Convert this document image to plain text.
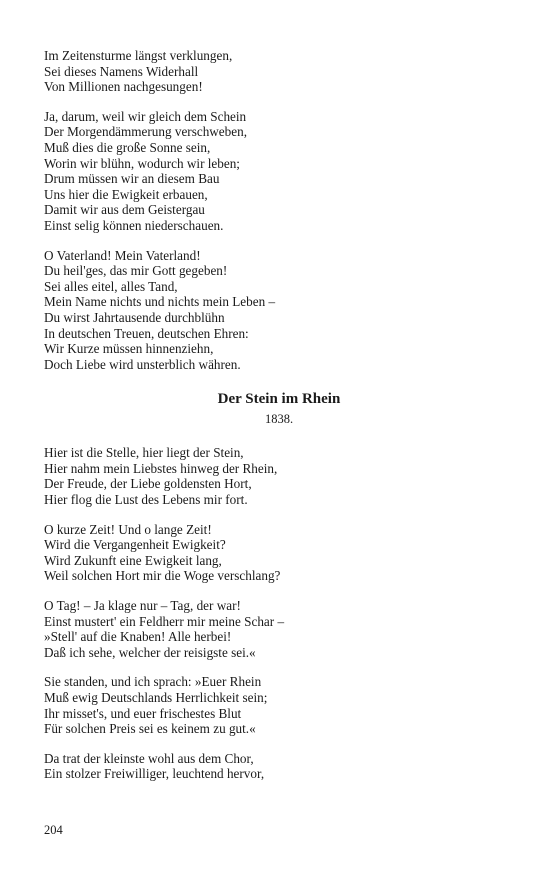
Im Zeitensturme längst verklungen,
Sei dieses Namens Widerhall
Von Millionen nachgesungen!
Ja, darum, weil wir gleich dem Schein
Der Morgendämmerung verschweben,
Muß dies die große Sonne sein,
Worin wir blühn, wodurch wir leben;
Drum müssen wir an diesem Bau
Uns hier die Ewigkeit erbauen,
Damit wir aus dem Geistergau
Einst selig können niederschauen.
O Vaterland! Mein Vaterland!
Du heil'ges, das mir Gott gegeben!
Sei alles eitel, alles Tand,
Mein Name nichts und nichts mein Leben –
Du wirst Jahrtausende durchblühn
In deutschen Treuen, deutschen Ehren:
Wir Kurze müssen hinnenziehn,
Doch Liebe wird unsterblich währen.
Der Stein im Rhein
1838.
Hier ist die Stelle, hier liegt der Stein,
Hier nahm mein Liebstes hinweg der Rhein,
Der Freude, der Liebe goldensten Hort,
Hier flog die Lust des Lebens mir fort.
O kurze Zeit! Und o lange Zeit!
Wird die Vergangenheit Ewigkeit?
Wird Zukunft eine Ewigkeit lang,
Weil solchen Hort mir die Woge verschlang?
O Tag! – Ja klage nur – Tag, der war!
Einst mustert' ein Feldherr mir meine Schar –
»Stell' auf die Knaben! Alle herbei!
Daß ich sehe, welcher der reisigste sei.«
Sie standen, und ich sprach: »Euer Rhein
Muß ewig Deutschlands Herrlichkeit sein;
Ihr misset's, und euer frischestes Blut
Für solchen Preis sei es keinem zu gut.«
Da trat der kleinste wohl aus dem Chor,
Ein stolzer Freiwilliger, leuchtend hervor,
204
